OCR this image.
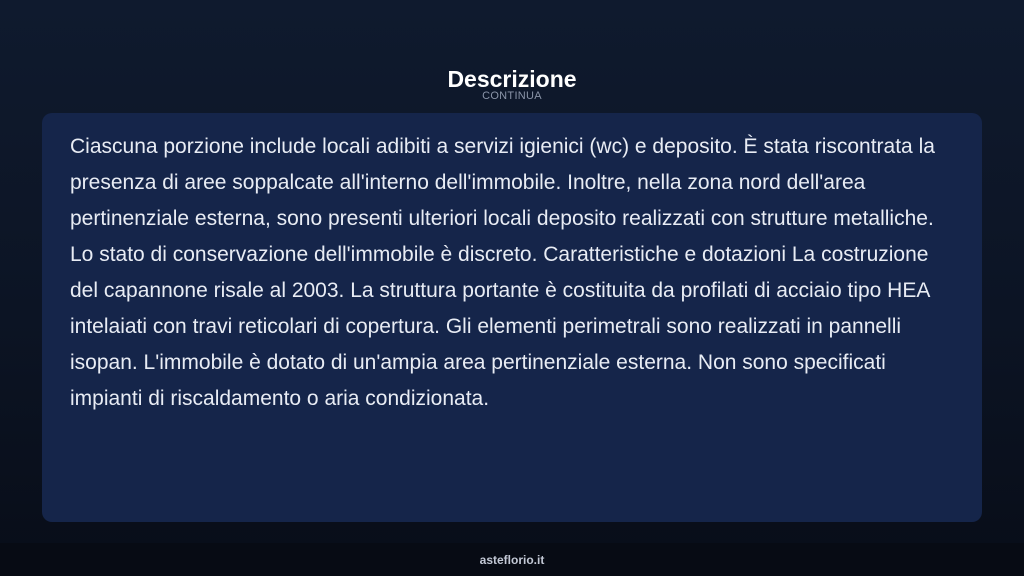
Descrizione
CONTINUA

Ciascuna porzione include locali adibiti a servizi igienici (wc) e deposito. È stata riscontrata la presenza di aree soppalcate all'interno dell'immobile. Inoltre, nella zona nord dell'area pertinenziale esterna, sono presenti ulteriori locali deposito realizzati con strutture metalliche. Lo stato di conservazione dell'immobile è discreto. Caratteristiche e dotazioni La costruzione del capannone risale al 2003. La struttura portante è costituita da profilati di acciaio tipo HEA intelaiati con travi reticolari di copertura. Gli elementi perimetrali sono realizzati in pannelli isopan. L'immobile è dotato di un'ampia area pertinenziale esterna. Non sono specificati impianti di riscaldamento o aria condizionata.

asteflorio.it
